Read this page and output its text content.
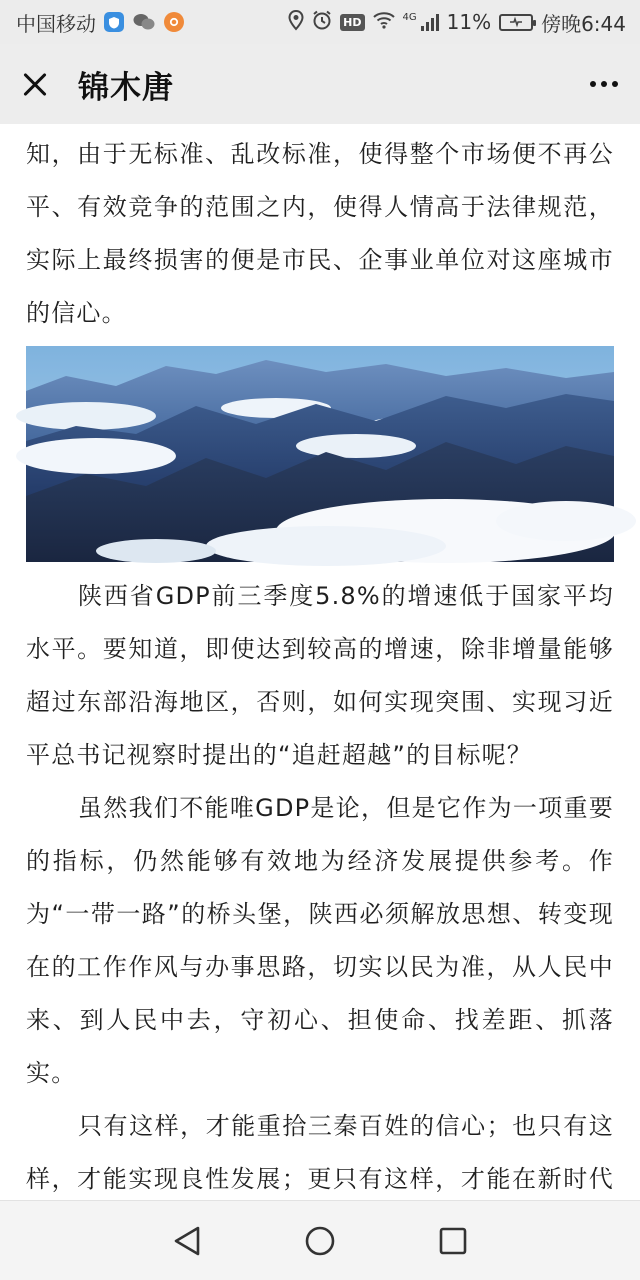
中国移动	HD	4G 11%	傍晚6:44
锦木唐

知，由于无标准、乱改标准，使得整个市场便不再公平、有效竞争的范围之内，使得人情高于法律规范，实际上最终损害的便是市民、企事业单位对这座城市的信心。

陕西省GDP前三季度5.8%的增速低于国家平均水平。要知道，即使达到较高的增速，除非增量能够超过东部沿海地区，否则，如何实现突围、实现习近平总书记视察时提出的“追赶超越”的目标呢？

虽然我们不能唯GDP是论，但是它作为一项重要的指标，仍然能够有效地为经济发展提供参考。作为“一带一路”的桥头堡，陕西必须解放思想、转变现在的工作作风与办事思路，切实以民为准，从人民中来、到人民中去，守初心、担使命、找差距、抓落实。

只有这样，才能重拾三秦百姓的信心；也只有这样，才能实现良性发展；更只有这样，才能在新时代
